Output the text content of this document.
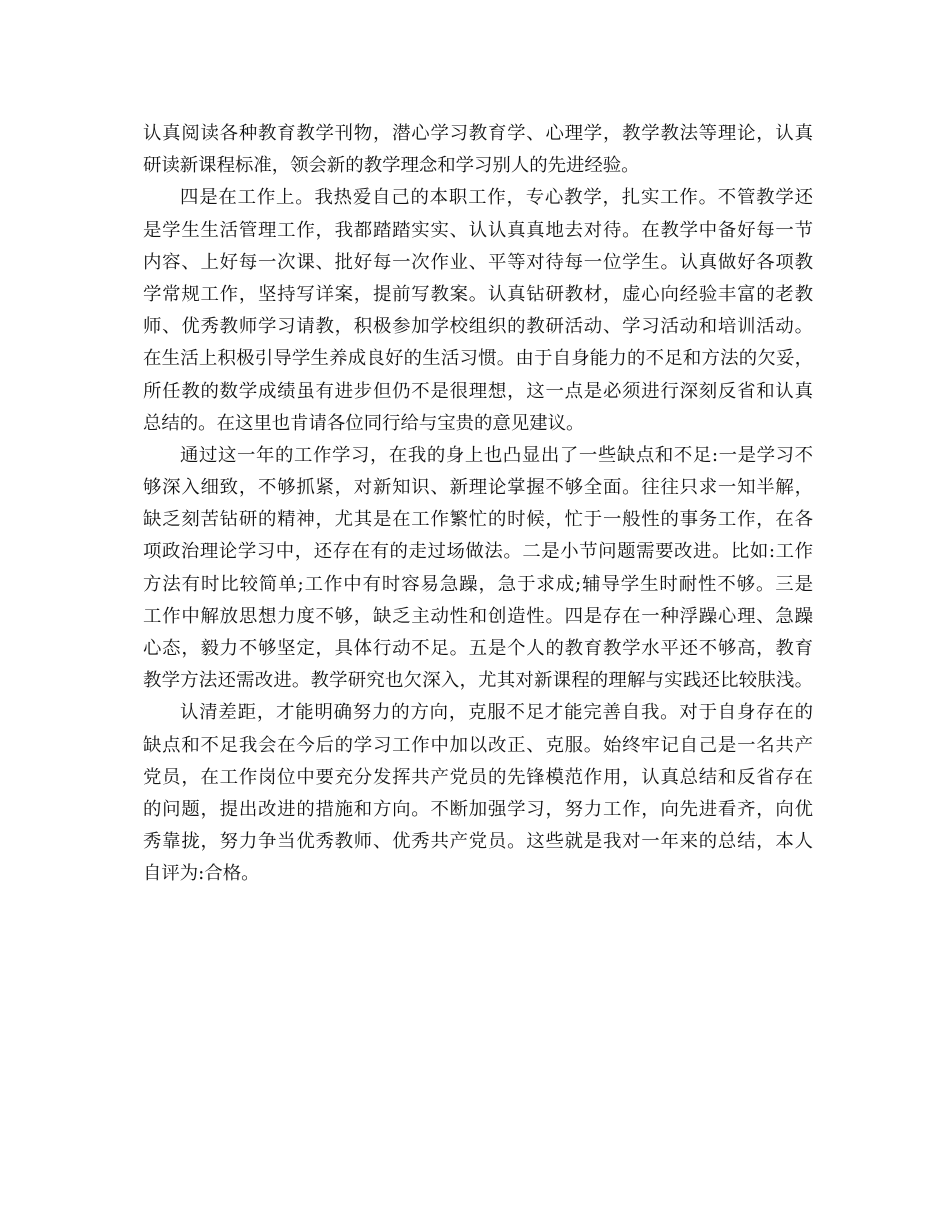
认真阅读各种教育教学刊物，潜心学习教育学、心理学，教学教法等理论，认真
研读新课程标准，领会新的教学理念和学习别人的先进经验。
四是在工作上。我热爱自己的本职工作，专心教学，扎实工作。不管教学还
是学生生活管理工作，我都踏踏实实、认认真真地去对待。在教学中备好每一节
内容、上好每一次课、批好每一次作业、平等对待每一位学生。认真做好各项教
学常规工作，坚持写详案，提前写教案。认真钻研教材，虚心向经验丰富的老教
师、优秀教师学习请教，积极参加学校组织的教研活动、学习活动和培训活动。
在生活上积极引导学生养成良好的生活习惯。由于自身能力的不足和方法的欠妥，
所任教的数学成绩虽有进步但仍不是很理想，这一点是必须进行深刻反省和认真
总结的。在这里也肯请各位同行给与宝贵的意见建议。
通过这一年的工作学习，在我的身上也凸显出了一些缺点和不足:一是学习不
够深入细致，不够抓紧，对新知识、新理论掌握不够全面。往往只求一知半解，
缺乏刻苦钻研的精神，尤其是在工作繁忙的时候，忙于一般性的事务工作，在各
项政治理论学习中，还存在有的走过场做法。二是小节问题需要改进。比如:工作
方法有时比较简单;工作中有时容易急躁，急于求成;辅导学生时耐性不够。三是
工作中解放思想力度不够，缺乏主动性和创造性。四是存在一种浮躁心理、急躁
心态，毅力不够坚定，具体行动不足。五是个人的教育教学水平还不够高，教育
教学方法还需改进。教学研究也欠深入，尤其对新课程的理解与实践还比较肤浅。
认清差距，才能明确努力的方向，克服不足才能完善自我。对于自身存在的
缺点和不足我会在今后的学习工作中加以改正、克服。始终牢记自己是一名共产
党员，在工作岗位中要充分发挥共产党员的先锋模范作用，认真总结和反省存在
的问题，提出改进的措施和方向。不断加强学习，努力工作，向先进看齐，向优
秀靠拢，努力争当优秀教师、优秀共产党员。这些就是我对一年来的总结，本人
自评为:合格。
